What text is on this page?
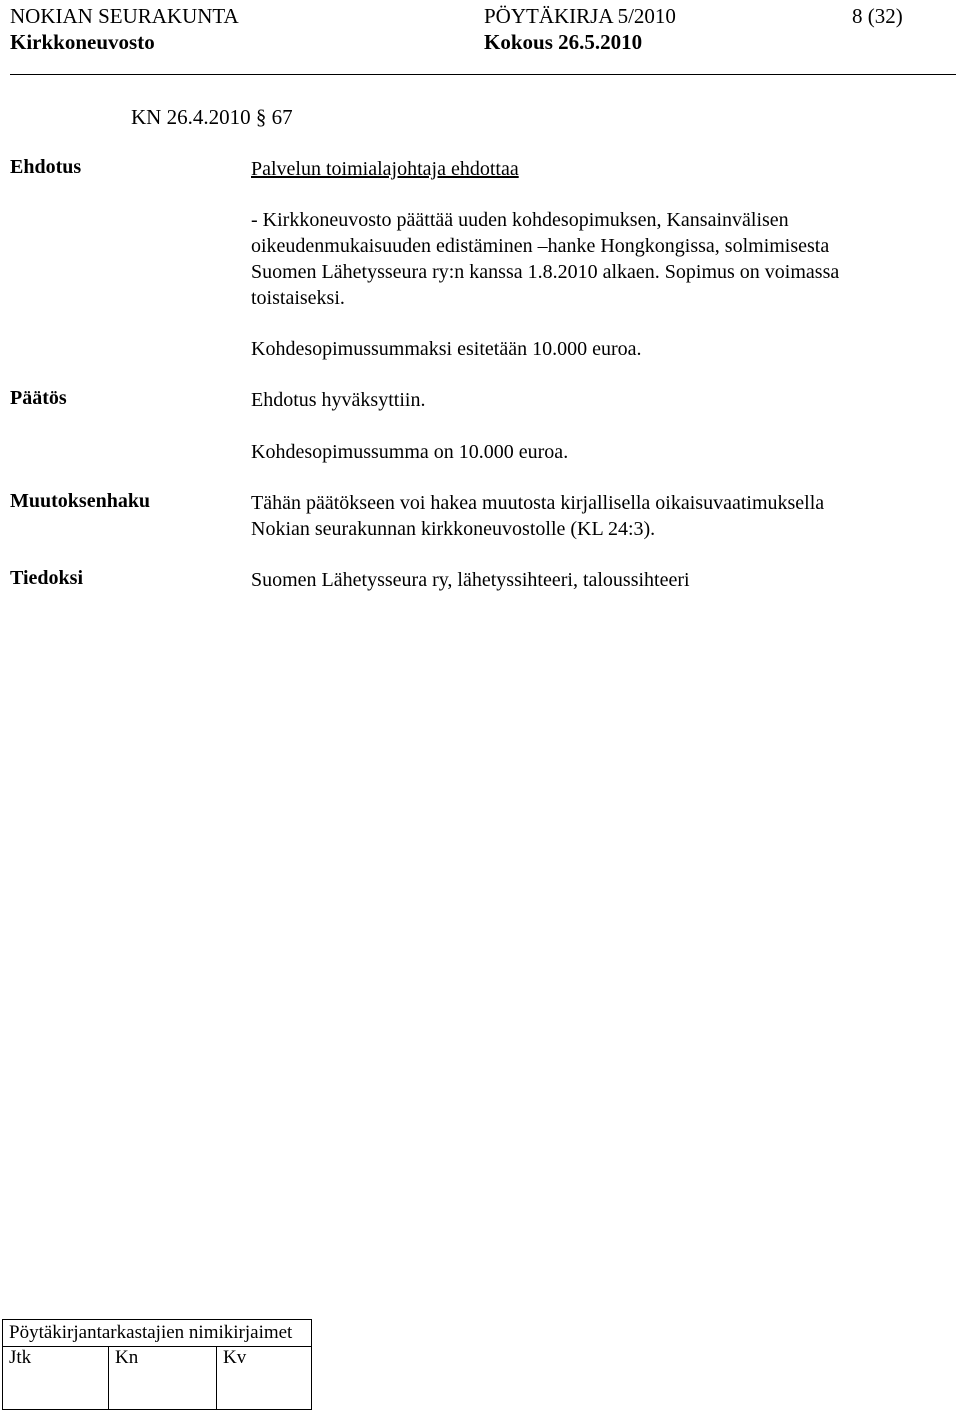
NOKIAN SEURAKUNTA	PÖYTÄKIRJA 5/2010	8 (32)
Kirkkoneuvosto	Kokous 26.5.2010
KN 26.4.2010 § 67
Ehdotus	Palvelun toimialajohtaja ehdottaa
- Kirkkoneuvosto päättää uuden kohdesopimuksen, Kansainvälisen
oikeudenmukaisuuden edistäminen –hanke Hongkongissa, solmimisesta
Suomen Lähetysseura ry:n kanssa 1.8.2010 alkaen. Sopimus on voimassa
toistaiseksi.
Kohdesopimussummaksi esitetään 10.000 euroa.
Päätös	Ehdotus hyväksyttiin.
Kohdesopimussumma on 10.000 euroa.
Muutoksenhaku	Tähän päätökseen voi hakea muutosta kirjallisella oikaisuvaatimuksella
Nokian seurakunnan kirkkoneuvostolle (KL 24:3).
Tiedoksi	Suomen Lähetysseura ry, lähetyssihteeri, taloussihteeri
Pöytäkirjantarkastajien nimikirjaimet
Jtk	Kn	Kv
